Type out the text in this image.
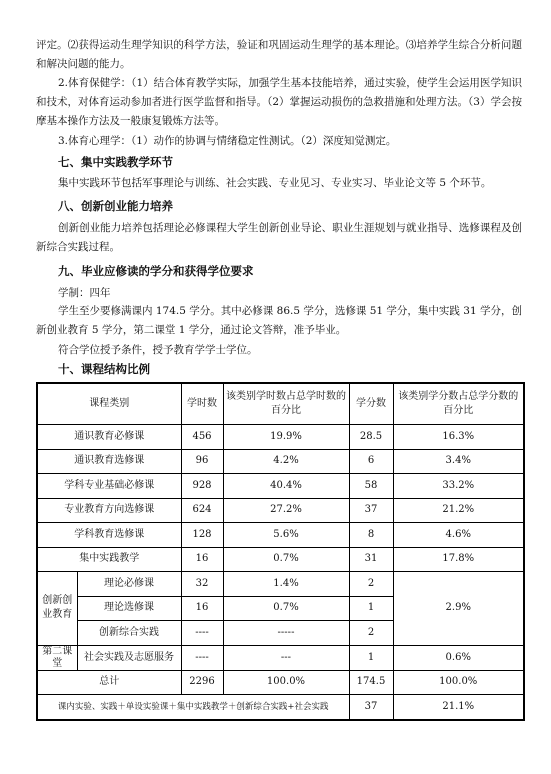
评定。⑵获得运动生理学知识的科学方法，验证和巩固运动生理学的基本理论。⑶培养学生综合分析问题和解决问题的能力。

2.体育保健学：（1）结合体育教学实际，加强学生基本技能培养，通过实验，使学生会运用医学知识和技术，对体育运动参加者进行医学监督和指导。（2）掌握运动损伤的急救措施和处理方法。（3）学会按摩基本操作方法及一般康复锻炼方法等。

3.体育心理学：（1）动作的协调与情绪稳定性测试。（2）深度知觉测定。

七、集中实践教学环节

集中实践环节包括军事理论与训练、社会实践、专业见习、专业实习、毕业论文等 5 个环节。

八、创新创业能力培养

创新创业能力培养包括理论必修课程大学生创新创业导论、职业生涯规划与就业指导、选修课程及创新综合实践过程。

九、毕业应修读的学分和获得学位要求
学制：四年

学生至少要修满课内 174.5 学分。其中必修课 86.5 学分，选修课 51 学分，集中实践 31 学分，创新创业教育 5 学分，第二课堂 1 学分，通过论文答辩，准予毕业。

符合学位授予条件，授予教育学学士学位。
十、课程结构比例
课程类别		学时数	该类别学时数占总学时数的百分比	学分数	该类别学分数占总学分数的百分比
通识教育必修课		456	19.9%	28.5	16.3%
通识教育选修课		96	4.2%	6	3.4%
学科专业基础必修课		928	40.4%	58	33.2%
专业教育方向选修课		624	27.2%	37	21.2%
学科教育选修课		128	5.6%	8	4.6%
集中实践教学		16	0.7%	31	17.8%
创新创业教育	理论必修课	32	1.4%	2	2.9%
	理论选修课	16	0.7%	1	
	创新综合实践	----	-----	2	
第二课堂	社会实践及志愿服务	----	---	1	0.6%
总计		2296	100.0%	174.5	100.0%
课内实验、实践＋单设实验课＋集中实践教学＋创新综合实践+社会实践				37	21.1%
